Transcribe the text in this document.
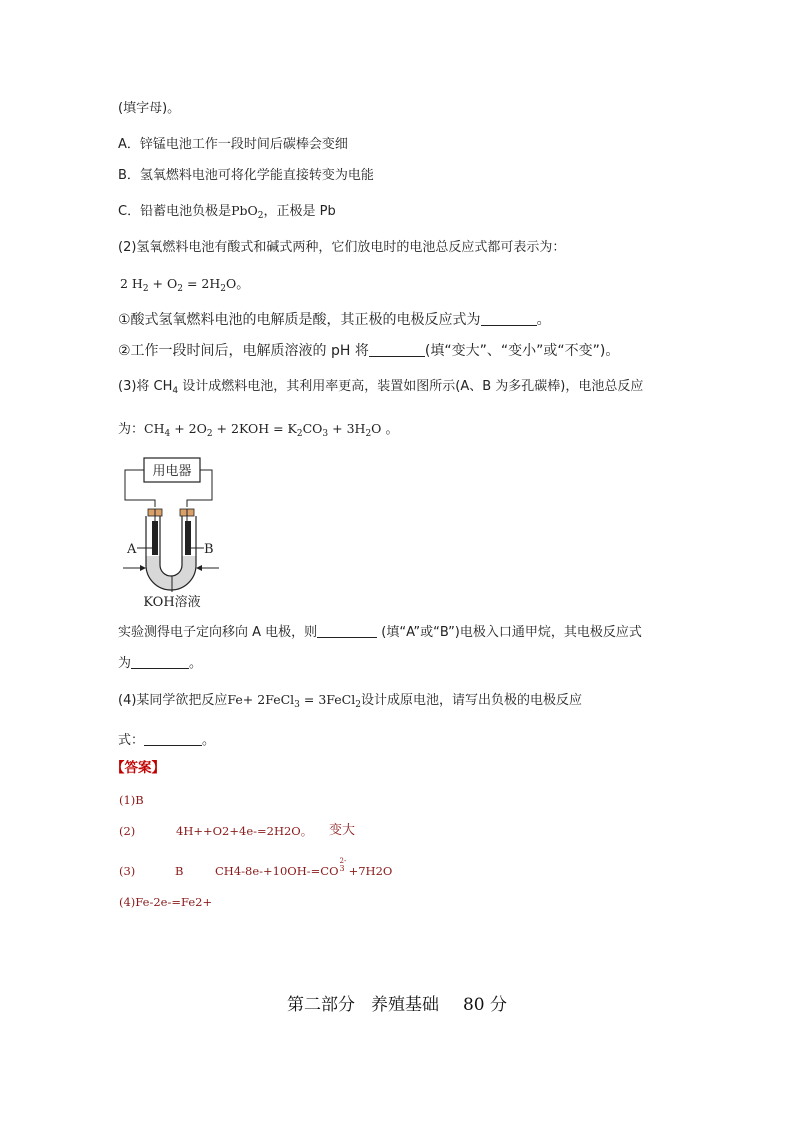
(填字母)。
A．锌锰电池工作一段时间后碳棒会变细
B．氢氧燃料电池可将化学能直接转变为电能
C．铅蓄电池负极是PbO$_2$，正极是 Pb
(2)氢氧燃料电池有酸式和碱式两种，它们放电时的电池总反应式都可表示为：
2 $H_2 + O_2 = 2H_2O$。
①酸式氢氧燃料电池的电解质是酸，其正极的电极反应式为	。
②工作一段时间后，电解质溶液的 pH 将	(填“变大”、“变小”或“不变”)。
(3)将 $CH_4$ 设计成燃料电池，其利用率更高，装置如图所示(A、B 为多孔碳棒)，电池总反应
为：$CH_4 + 2O_2 + 2KOH = K_2CO_3 + 3H_2O$ 。
用电器
A	B
KOH溶液
实验测得电子定向移向 A 电极，则	(填“A”或“B”)电极入口通甲烷，其电极反应式
为	。
(4)某同学欲把反应Fe+ 2FeCl$_3$ = 3FeCl$_2$设计成原电池，请写出负极的电极反应
式：	。
【答案】
(1)B
(2)	4H++O2+4e-=2H2O。 变大
(3)	B	CH4-8e-+10OH-=CO
2-
$^3$ +7H2O
(4)Fe-2e-=Fe2+
第二部分 养殖基础 80 分
